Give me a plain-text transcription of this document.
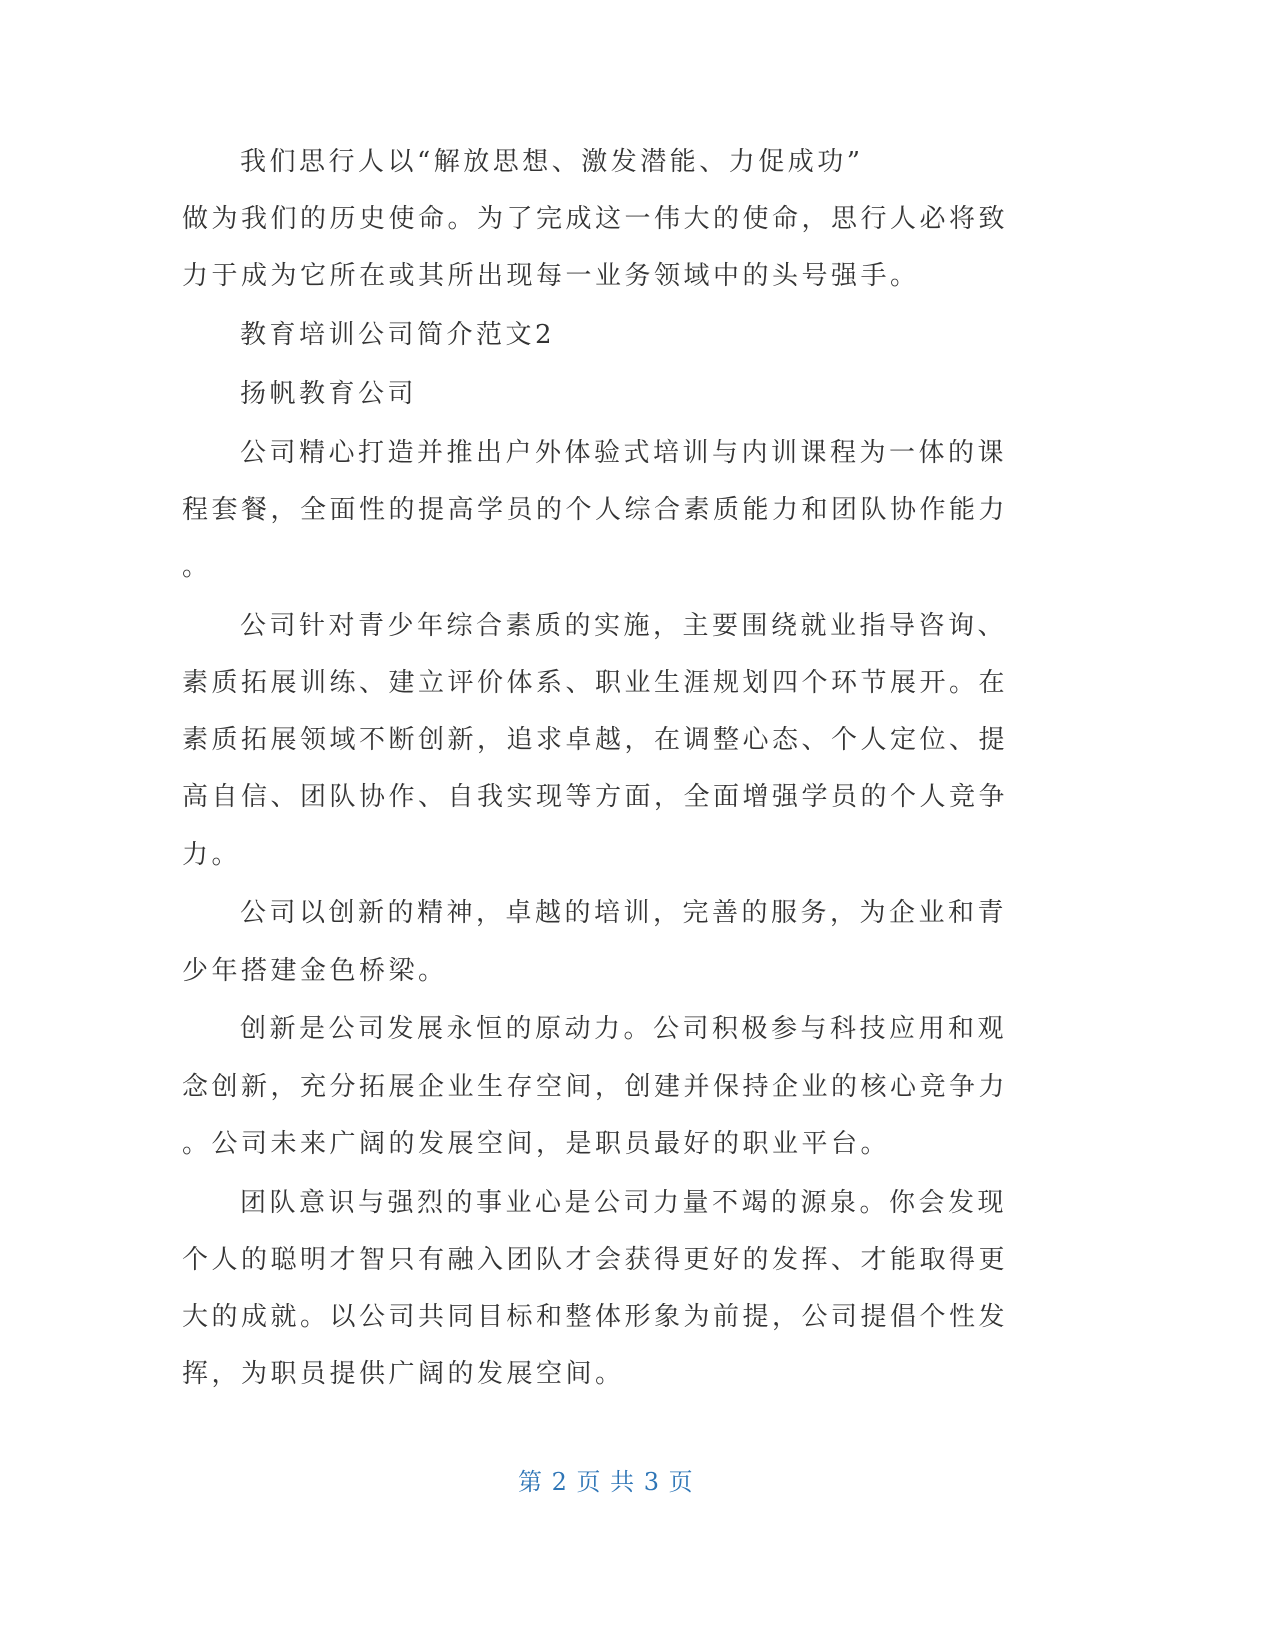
我们思行人以“解放思想、激发潜能、力促成功”
做为我们的历史使命。为了完成这一伟大的使命，思行人必将致
力于成为它所在或其所出现每一业务领域中的头号强手。
教育培训公司简介范文2
扬帆教育公司
公司精心打造并推出户外体验式培训与内训课程为一体的课
程套餐，全面性的提高学员的个人综合素质能力和团队协作能力
。
公司针对青少年综合素质的实施，主要围绕就业指导咨询、
素质拓展训练、建立评价体系、职业生涯规划四个环节展开。在
素质拓展领域不断创新，追求卓越，在调整心态、个人定位、提
高自信、团队协作、自我实现等方面，全面增强学员的个人竞争
力。
公司以创新的精神，卓越的培训，完善的服务，为企业和青
少年搭建金色桥梁。
创新是公司发展永恒的原动力。公司积极参与科技应用和观
念创新，充分拓展企业生存空间，创建并保持企业的核心竞争力
。公司未来广阔的发展空间，是职员最好的职业平台。
团队意识与强烈的事业心是公司力量不竭的源泉。你会发现
个人的聪明才智只有融入团队才会获得更好的发挥、才能取得更
大的成就。以公司共同目标和整体形象为前提，公司提倡个性发
挥，为职员提供广阔的发展空间。
第 2 页 共 3 页
